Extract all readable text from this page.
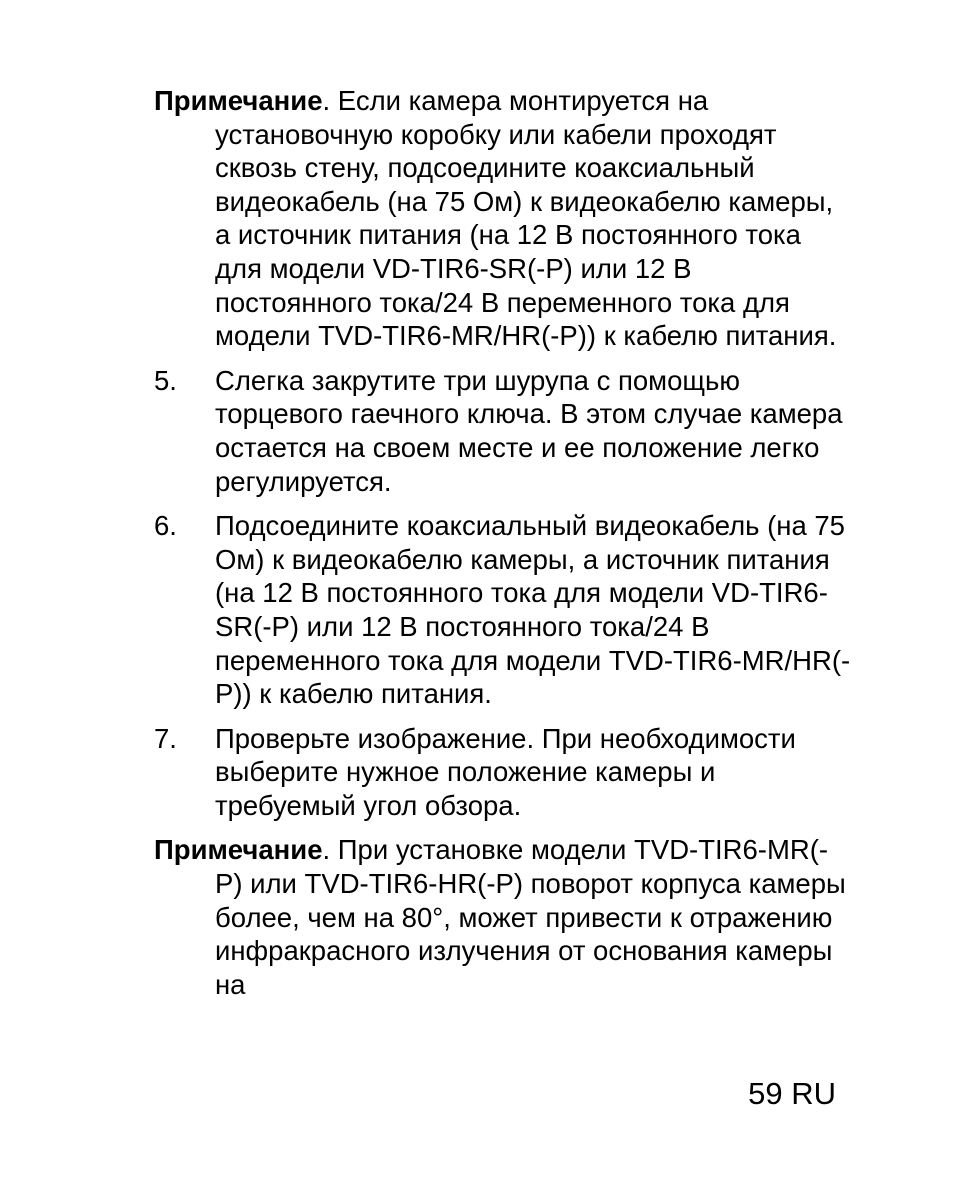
Примечание. Если камера монтируется на установочную коробку или кабели проходят сквозь стену, подсоедините коаксиальный видеокабель (на 75 Ом) к видеокабелю камеры, а источник питания (на 12 В постоянного тока для модели VD-TIR6-SR(-P) или 12 В постоянного тока/24 В переменного тока для модели TVD-TIR6-MR/HR(-P)) к кабелю питания.

5.	Слегка закрутите три шурупа с помощью торцевого гаечного ключа. В этом случае камера остается на своем месте и ее положение легко регулируется.
6.	Подсоедините коаксиальный видеокабель (на 75 Ом) к видеокабелю камеры, а источник питания (на 12 В постоянного тока для модели VD-TIR6-SR(-P) или 12 В постоянного тока/24 В переменного тока для модели TVD-TIR6-MR/HR(-P)) к кабелю питания.
7.	Проверьте изображение. При необходимости выберите нужное положение камеры и требуемый угол обзора.

Примечание. При установке модели TVD-TIR6-MR(-P) или TVD-TIR6-HR(-P) поворот корпуса камеры более, чем на 80°, может привести к отражению инфракрасного излучения от основания камеры на

59 RU
